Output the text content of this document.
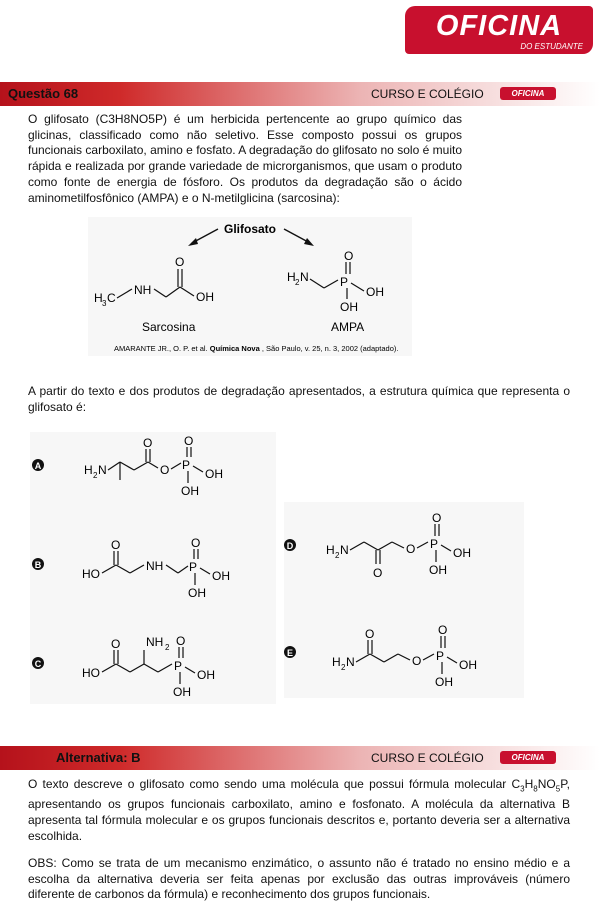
OFICINA
DO ESTUDANTE
Questão 68	CURSO E COLÉGIO	OFICINA

O glifosato (C3H8NO5P) é um herbicida pertencente ao grupo químico das glicinas, classificado como não seletivo. Esse composto possui os grupos funcionais carboxilato, amino e fosfato. A degradação do glifosato no solo é muito rápida e realizada por grande variedade de microrganismos, que usam o produto como fonte de energia de fósforo. Os produtos da degradação são o ácido aminometilfosfônico (AMPA) e o N-metilglicina (sarcosina):

Glifosato
H 3 C
NH
O
OH
Sarcosina
H 2 N	P
O
OH
OH
AMPA
AMARANTE JR., O. P. et al. Química Nova , São Paulo, v. 25, n. 3, 2002 (adaptado).

A partir do texto e dos produtos de degradação apresentados, a estrutura química que representa o glifosato é:

A	H 2 N
O
O P
O
OH
OH
B
HO
O
NH P
O
OH
OH
C
HO
O NH 2
P
O
OH
OH
D	H 2 N
O
O P
O
OH
OH
E
H 2 N
O
O P
O
OH
OH
Alternativa: B	CURSO E COLÉGIO	OFICINA

O texto descreve o glifosato como sendo uma molécula que possui fórmula molecular $C_3H_8NO_5P$, apresentando os grupos funcionais carboxilato, amino e fosfonato. A molécula da alternativa B apresenta tal fórmula molecular e os grupos funcionais descritos e, portanto deveria ser a alternativa escolhida.

OBS: Como se trata de um mecanismo enzimático, o assunto não é tratado no ensino médio e a escolha da alternativa deveria ser feita apenas por exclusão das outras improváveis (número diferente de carbonos da fórmula) e reconhecimento dos grupos funcionais.
